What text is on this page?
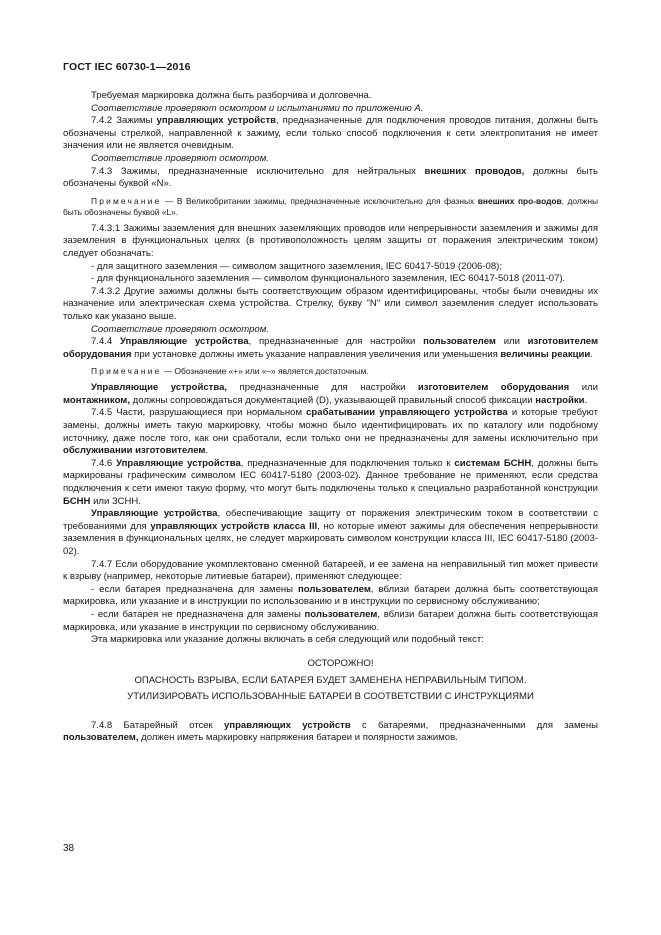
ГОСТ IEC 60730-1—2016

Требуемая маркировка должна быть разборчива и долговечна.

Соответствие проверяют осмотром и испытаниями по приложению А.

7.4.2 Зажимы управляющих устройств, предназначенные для подключения проводов питания, должны быть обозначены стрелкой, направленной к зажиму, если только способ подключения к сети электропитания не имеет значения или не является очевидным.

Соответствие проверяют осмотром.

7.4.3 Зажимы, предназначенные исключительно для нейтральных внешних проводов, должны быть обозначены буквой «N».

Примечание — В Великобритании зажимы, предназначенные исключительно для фазных внешних про-водов, должны быть обозначены буквой «L».

7.4.3.1 Зажимы заземления для внешних заземляющих проводов или непрерывности заземления и зажимы для заземления в функциональных целях (в противоположность целям защиты от поражения электрическим током) следует обозначать:

- для защитного заземления — символом защитного заземления, IEC 60417-5019 (2006-08);

- для функционального заземления — символом функционального заземления, IEC 60417-5018 (2011-07).

7.4.3.2 Другие зажимы должны быть соответствующим образом идентифицированы, чтобы были очевидны их назначение или электрическая схема устройства. Стрелку, букву "N" или символ заземления следует использовать только как указано выше.

Соответствие проверяют осмотром.

7.4.4 Управляющие устройства, предназначенные для настройки пользователем или изготовителем оборудования при установке должны иметь указание направления увеличения или уменьшения величины реакции.

Примечание — Обозначение «+» или «–» является достаточным.

Управляющие устройства, предназначенные для настройки изготовителем оборудования или монтажником, должны сопровождаться документацией (D), указывающей правильный способ фиксации настройки.

7.4.5 Части, разрушающиеся при нормальном срабатывании управляющего устройства и которые требуют замены, должны иметь такую маркировку, чтобы можно было идентифицировать их по каталогу или подобному источнику, даже после того, как они сработали, если только они не предназначены для замены исключительно при обслуживании изготовителем.

7.4.6 Управляющие устройства, предназначенные для подключения только к системам БСНН, должны быть маркированы графическим символом IEC 60417-5180 (2003-02). Данное требование не применяют, если средства подключения к сети имеют такую форму, что могут быть подключены только к специально разработанной конструкции БСНН или ЗСНН.

Управляющие устройства, обеспечивающие защиту от поражения электрическим током в соответствии с требованиями для управляющих устройств класса III, но которые имеют зажимы для обеспечения непрерывности заземления в функциональных целях, не следует маркировать символом конструкции класса III, IEC 60417-5180 (2003-02).

7.4.7 Если оборудование укомплектовано сменной батареей, и ее замена на неправильный тип может привести к взрыву (например, некоторые литиевые батареи), применяют следующее:

- если батарея предназначена для замены пользователем, вблизи батареи должна быть соответствующая маркировка, или указание и в инструкции по использованию и в инструкции по сервисному обслуживанию;

- если батарея не предназначена для замены пользователем, вблизи батареи должна быть соответствующая маркировка, или указание в инструкции по сервисному обслуживанию.

Эта маркировка или указание должны включать в себя следующий или подобный текст:

ОСТОРОЖНО!

ОПАСНОСТЬ ВЗРЫВА, ЕСЛИ БАТАРЕЯ БУДЕТ ЗАМЕНЕНА НЕПРАВИЛЬНЫМ ТИПОМ.

УТИЛИЗИРОВАТЬ ИСПОЛЬЗОВАННЫЕ БАТАРЕИ В СООТВЕТСТВИИ С ИНСТРУКЦИЯМИ

7.4.8 Батарейный отсек управляющих устройств с батареями, предназначенными для замены пользователем, должен иметь маркировку напряжения батареи и полярности зажимов.

38
